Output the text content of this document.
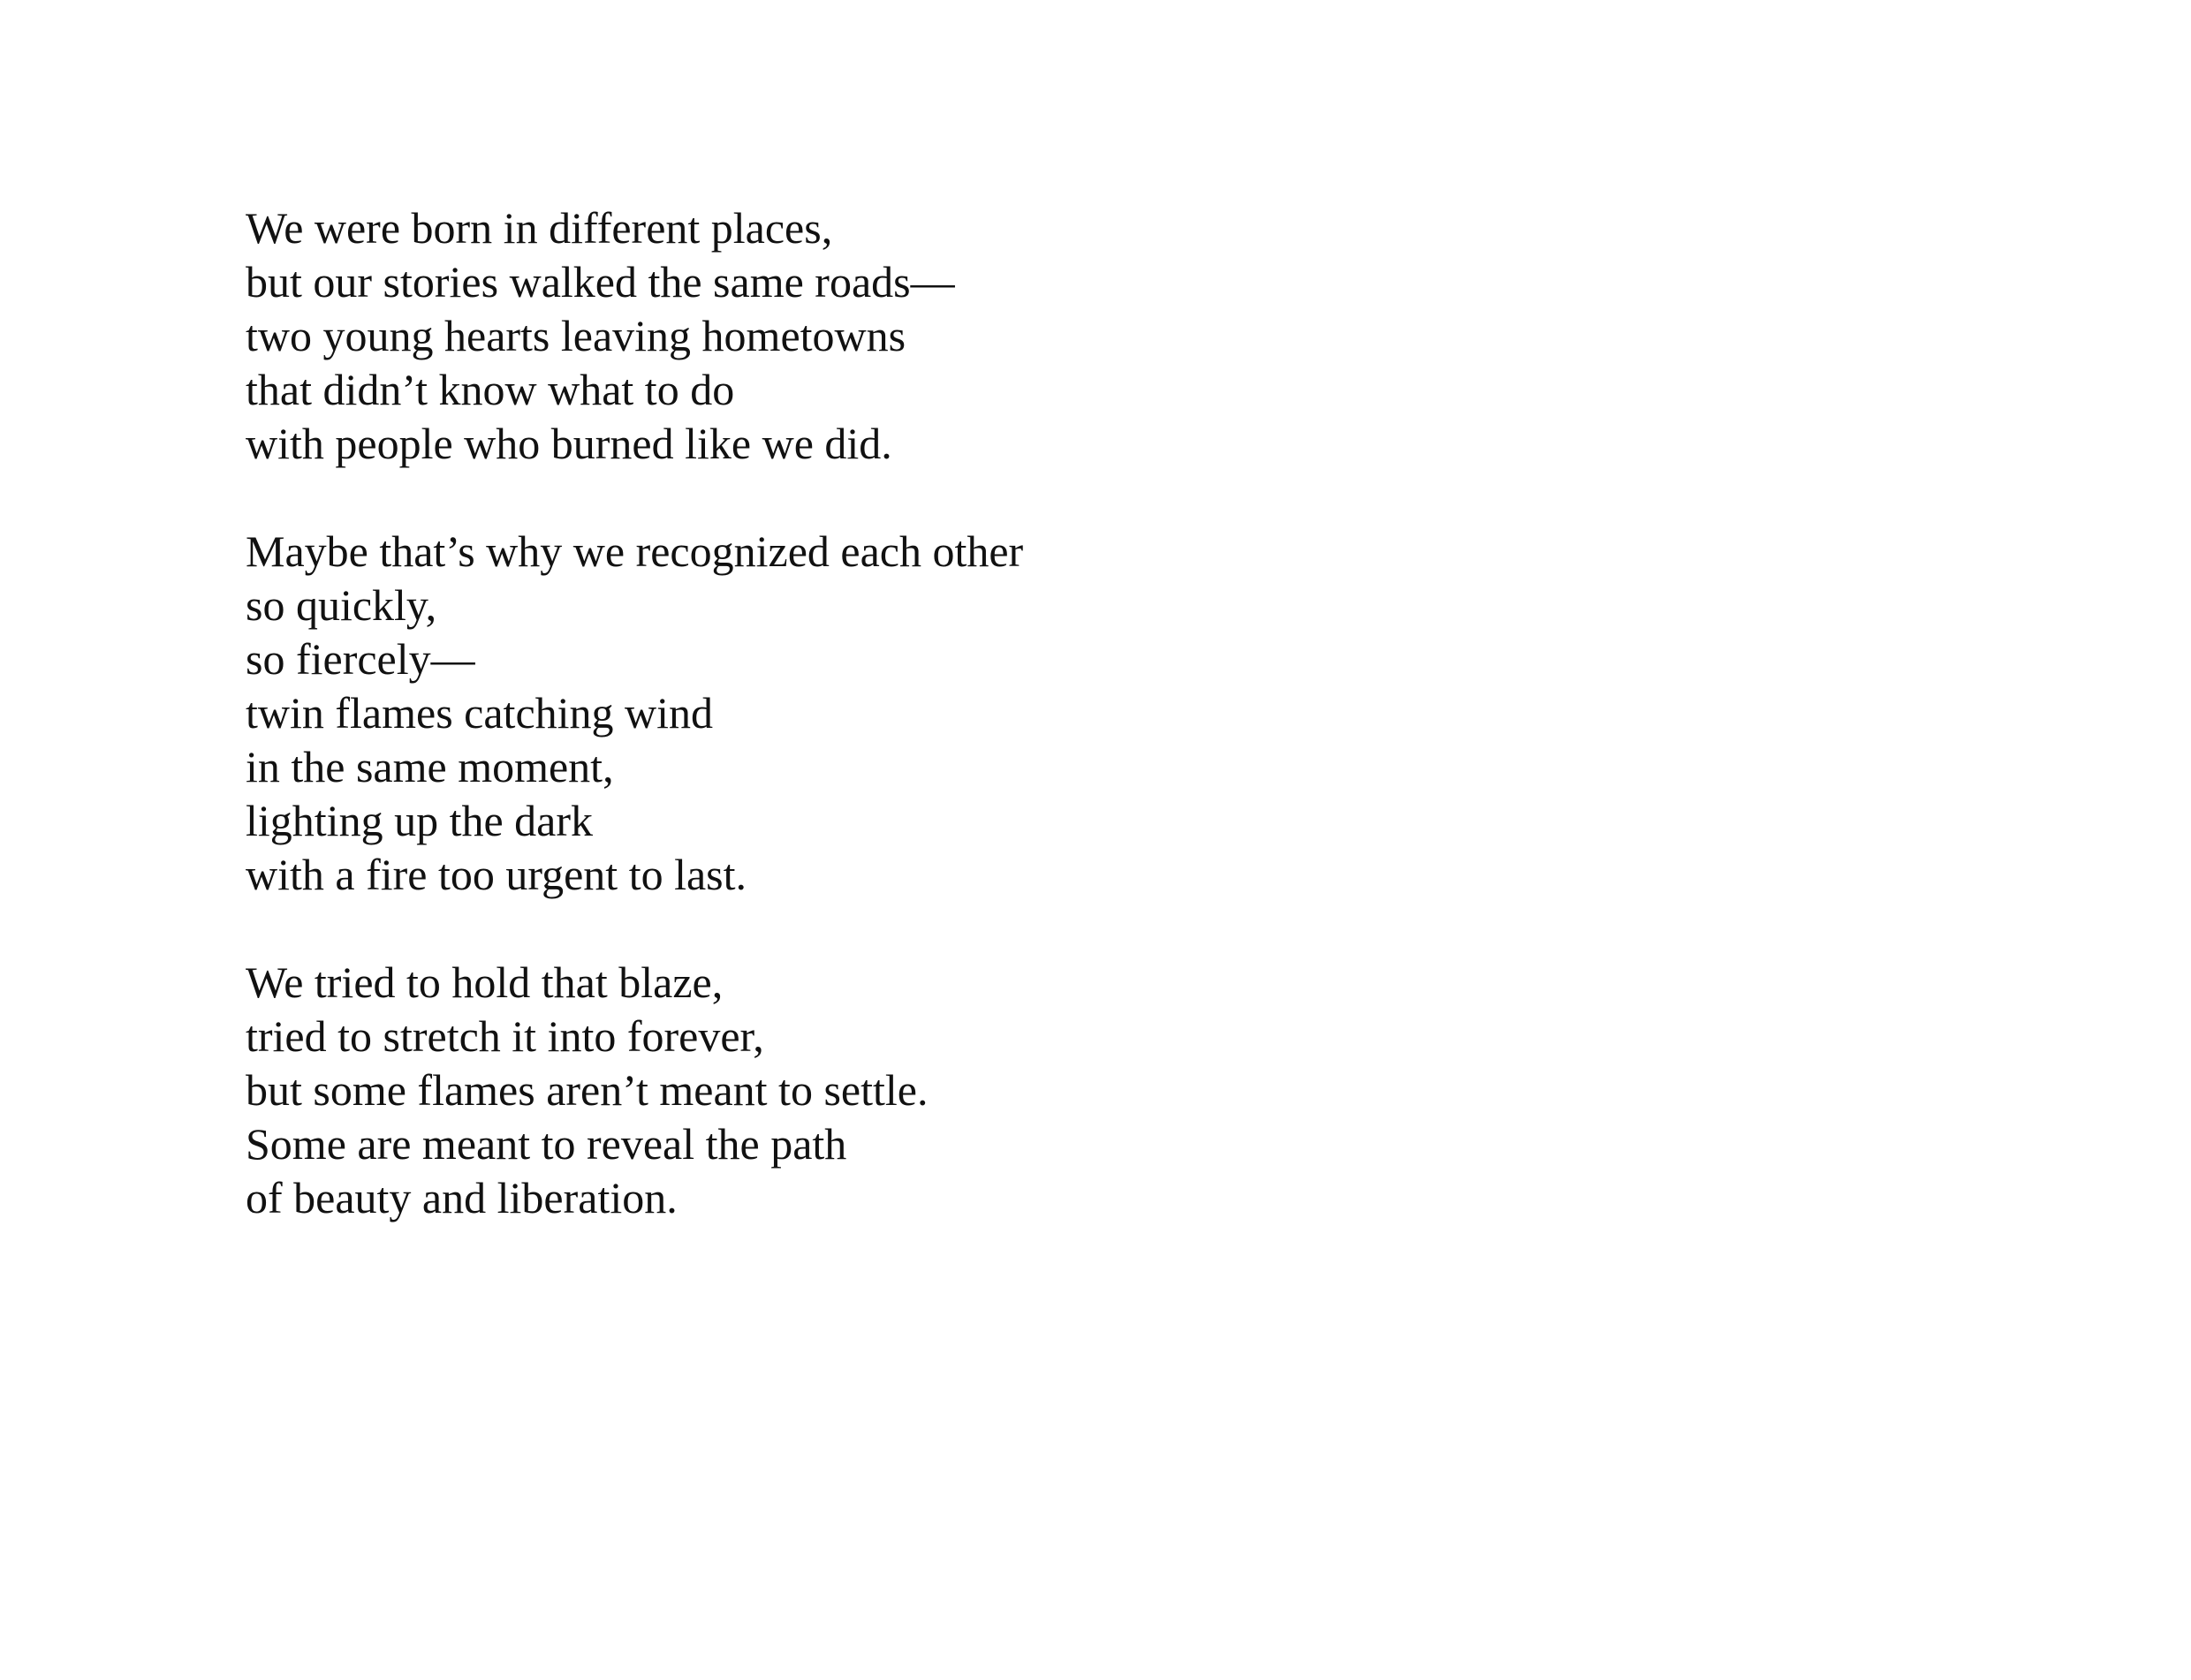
We were born in different places,
but our stories walked the same roads—
two young hearts leaving hometowns
that didn’t know what to do
with people who burned like we did.
Maybe that’s why we recognized each other
so quickly,
so fiercely—
twin flames catching wind
in the same moment,
lighting up the dark
with a fire too urgent to last.
We tried to hold that blaze,
tried to stretch it into forever,
but some flames aren’t meant to settle.
Some are meant to reveal the path
of beauty and liberation.
